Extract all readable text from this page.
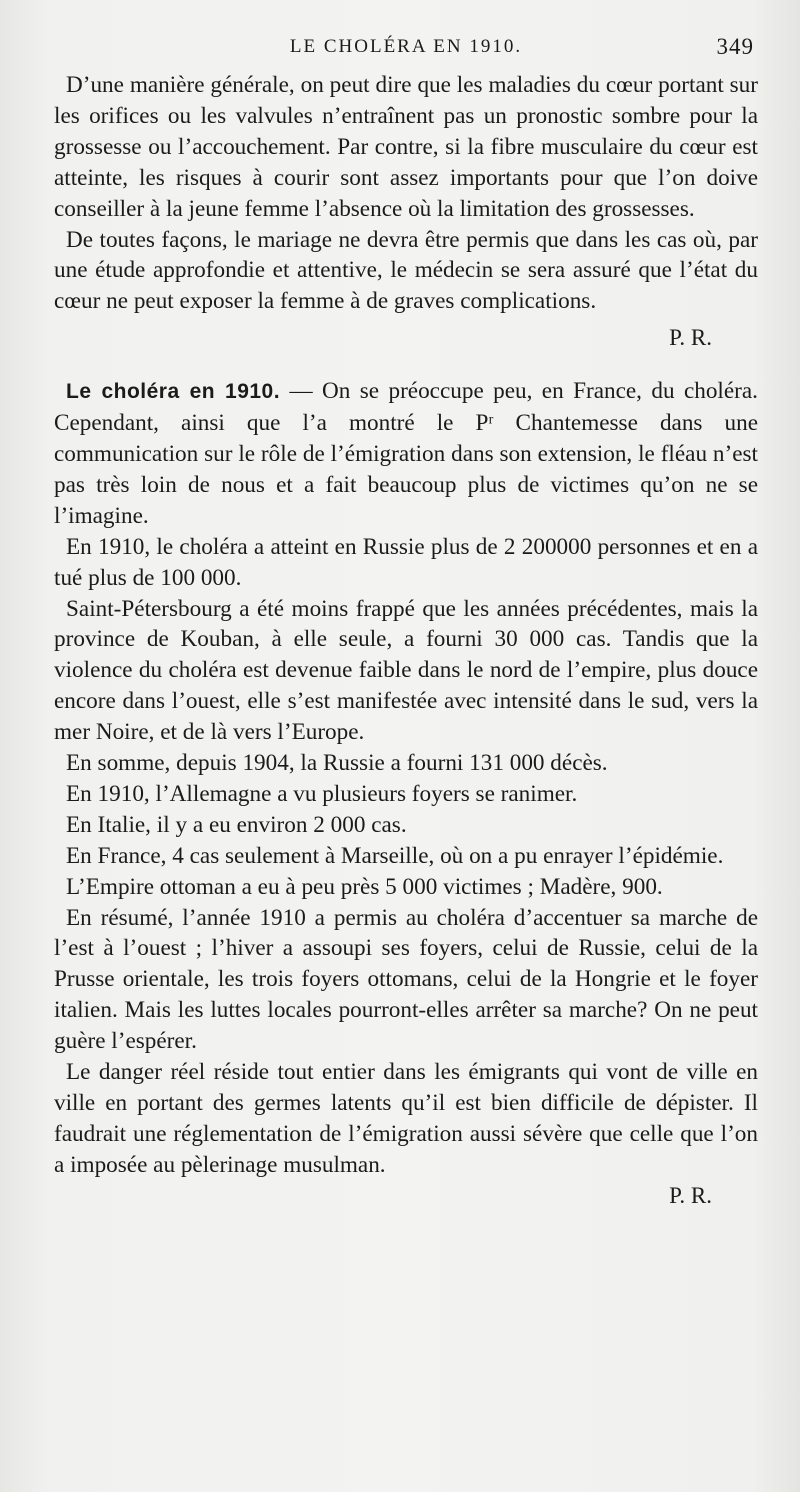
LE CHOLÉRA EN 1910.	349

D’une manière générale, on peut dire que les maladies du cœur portant sur les orifices ou les valvules n’entraînent pas un pronostic sombre pour la grossesse ou l’accouchement. Par contre, si la fibre musculaire du cœur est atteinte, les risques à courir sont assez importants pour que l’on doive conseiller à la jeune femme l’absence où la limitation des grossesses.

De toutes façons, le mariage ne devra être permis que dans les cas où, par une étude approfondie et attentive, le médecin se sera assuré que l’état du cœur ne peut exposer la femme à de graves complications.

P. R.

Le choléra en 1910. — On se préoccupe peu, en France, du choléra. Cependant, ainsi que l’a montré le Pʳ Chantemesse dans une communication sur le rôle de l’émigration dans son extension, le fléau n’est pas très loin de nous et a fait beaucoup plus de victimes qu’on ne se l’imagine.

En 1910, le choléra a atteint en Russie plus de 2 200000 personnes et en a tué plus de 100 000.

Saint-Pétersbourg a été moins frappé que les années précédentes, mais la province de Kouban, à elle seule, a fourni 30 000 cas. Tandis que la violence du choléra est devenue faible dans le nord de l’empire, plus douce encore dans l’ouest, elle s’est manifestée avec intensité dans le sud, vers la mer Noire, et de là vers l’Europe.

En somme, depuis 1904, la Russie a fourni 131 000 décès.

En 1910, l’Allemagne a vu plusieurs foyers se ranimer.

En Italie, il y a eu environ 2 000 cas.

En France, 4 cas seulement à Marseille, où on a pu enrayer l’épidémie.

L’Empire ottoman a eu à peu près 5 000 victimes ; Madère, 900.

En résumé, l’année 1910 a permis au choléra d’accentuer sa marche de l’est à l’ouest ; l’hiver a assoupi ses foyers, celui de Russie, celui de la Prusse orientale, les trois foyers ottomans, celui de la Hongrie et le foyer italien. Mais les luttes locales pourront-elles arrêter sa marche? On ne peut guère l’espérer.

Le danger réel réside tout entier dans les émigrants qui vont de ville en ville en portant des germes latents qu’il est bien difficile de dépister. Il faudrait une réglementation de l’émigration aussi sévère que celle que l’on a imposée au pèlerinage musulman.

P. R.
